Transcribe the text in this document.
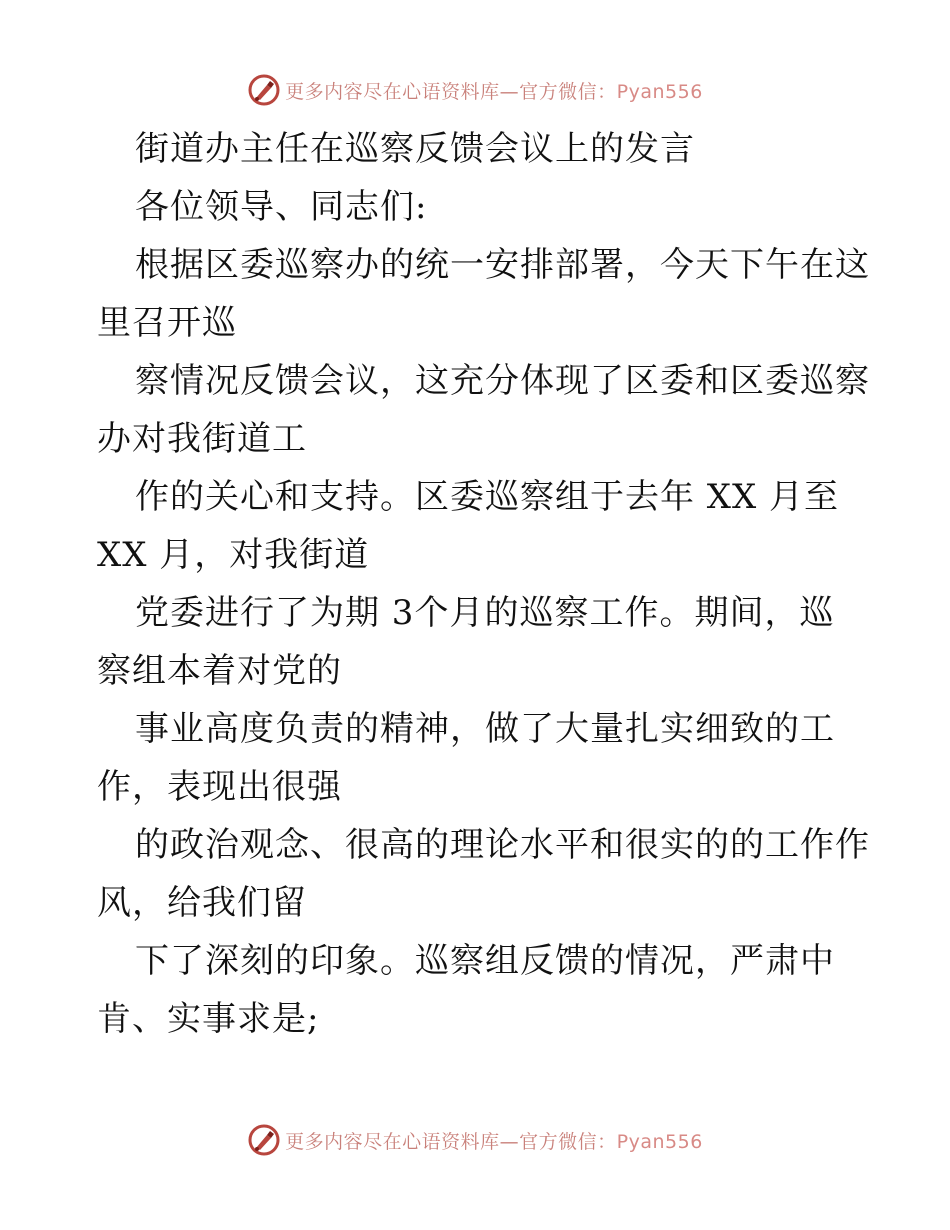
更多内容尽在心语资料库—官方微信：Pyan556
街道办主任在巡察反馈会议上的发言
各位领导、同志们:
根据区委巡察办的统一安排部署，今天下午在这
里召开巡
察情况反馈会议，这充分体现了区委和区委巡察
办对我街道工
作的关心和支持。区委巡察组于去年 XX 月至
XX 月，对我街道
党委进行了为期 3个月的巡察工作。期间，巡
察组本着对党的
事业高度负责的精神，做了大量扎实细致的工
作，表现出很强
的政治观念、很高的理论水平和很实的的工作作
风，给我们留
下了深刻的印象。巡察组反馈的情况，严肃中
肯、实事求是;
更多内容尽在心语资料库—官方微信：Pyan556
